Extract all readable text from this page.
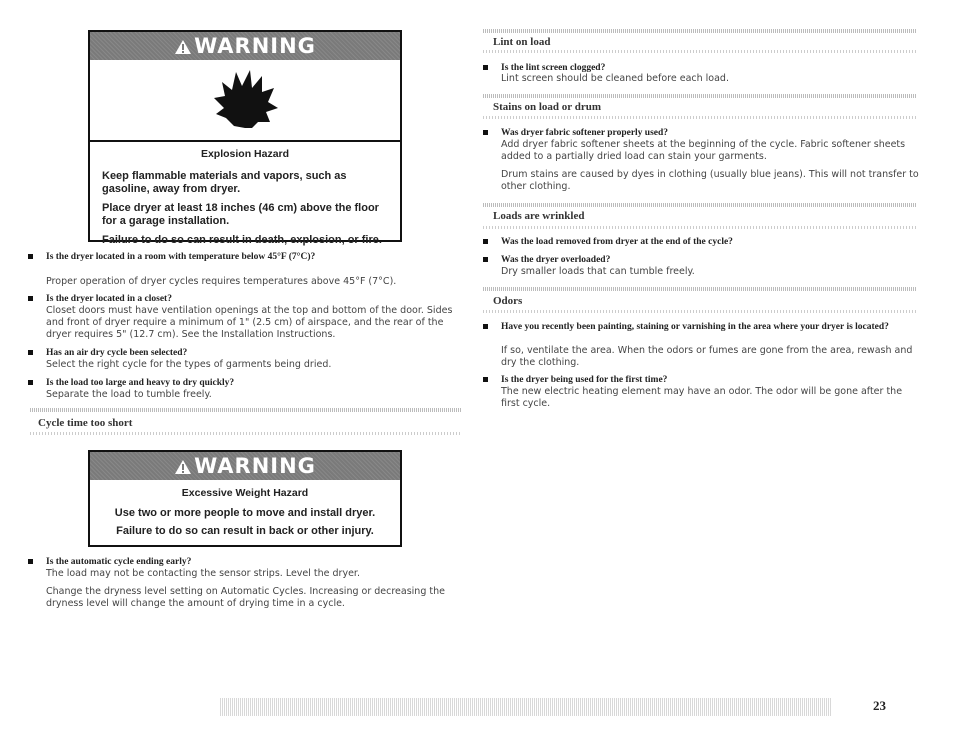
WARNING
Explosion Hazard
Keep flammable materials and vapors, such as gasoline, away from dryer.
Place dryer at least 18 inches (46 cm) above the floor for a garage installation.
Failure to do so can result in death, explosion, or fire.
Is the dryer located in a room with temperature below 45°F (7°C)?
Proper operation of dryer cycles requires temperatures above 45°F (7°C).
Is the dryer located in a closet?
Closet doors must have ventilation openings at the top and bottom of the door. Sides and front of dryer require a minimum of 1" (2.5 cm) of airspace, and the rear of the dryer requires 5" (12.7 cm). See the Installation Instructions.
Has an air dry cycle been selected?
Select the right cycle for the types of garments being dried.
Is the load too large and heavy to dry quickly?
Separate the load to tumble freely.
Cycle time too short
WARNING
Excessive Weight Hazard
Use two or more people to move and install dryer.
Failure to do so can result in back or other injury.
Is the automatic cycle ending early?
The load may not be contacting the sensor strips. Level the dryer.
Change the dryness level setting on Automatic Cycles. Increasing or decreasing the dryness level will change the amount of drying time in a cycle.
Lint on load
Is the lint screen clogged?
Lint screen should be cleaned before each load.
Stains on load or drum
Was dryer fabric softener properly used?
Add dryer fabric softener sheets at the beginning of the cycle. Fabric softener sheets added to a partially dried load can stain your garments.
Drum stains are caused by dyes in clothing (usually blue jeans). This will not transfer to other clothing.
Loads are wrinkled
Was the load removed from dryer at the end of the cycle?
Was the dryer overloaded?
Dry smaller loads that can tumble freely.
Odors
Have you recently been painting, staining or varnishing in the area where your dryer is located?
If so, ventilate the area. When the odors or fumes are gone from the area, rewash and dry the clothing.
Is the dryer being used for the first time?
The new electric heating element may have an odor. The odor will be gone after the first cycle.
23
